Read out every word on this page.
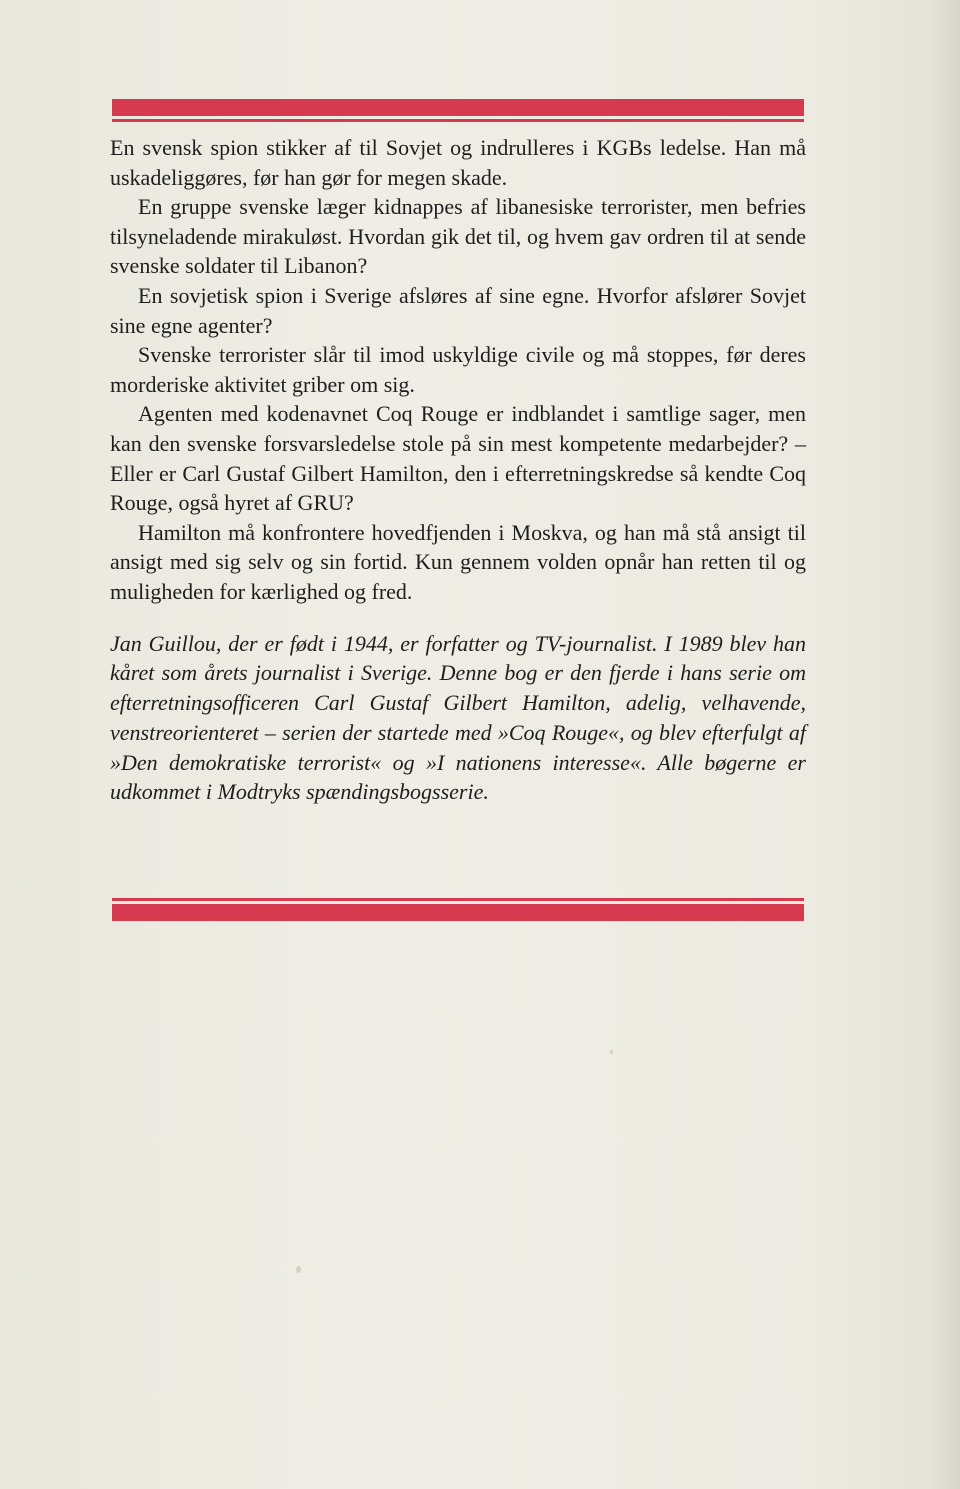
En svensk spion stikker af til Sovjet og indrulleres i KGBs ledelse. Han må uskadeliggøres, før han gør for megen skade.

En gruppe svenske læger kidnappes af libanesiske terrorister, men befries tilsyneladende mirakuløst. Hvordan gik det til, og hvem gav ordren til at sende svenske soldater til Libanon?

En sovjetisk spion i Sverige afsløres af sine egne. Hvorfor afslører Sovjet sine egne agenter?

Svenske terrorister slår til imod uskyldige civile og må stoppes, før deres morderiske aktivitet griber om sig.

Agenten med kodenavnet Coq Rouge er indblandet i samtlige sager, men kan den svenske forsvarsledelse stole på sin mest kompetente medarbejder? – Eller er Carl Gustaf Gilbert Hamilton, den i efterretningskredse så kendte Coq Rouge, også hyret af GRU?

Hamilton må konfrontere hovedfjenden i Moskva, og han må stå ansigt til ansigt med sig selv og sin fortid. Kun gennem volden opnår han retten til og muligheden for kærlighed og fred.

Jan Guillou, der er født i 1944, er forfatter og TV-journalist. I 1989 blev han kåret som årets journalist i Sverige. Denne bog er den fjerde i hans serie om efterretningsofficeren Carl Gustaf Gilbert Hamilton, adelig, velhavende, venstreorienteret – serien der startede med »Coq Rouge«, og blev efterfulgt af »Den demokratiske terrorist« og »I nationens interesse«. Alle bøgerne er udkommet i Modtryks spændingsbogsserie.
